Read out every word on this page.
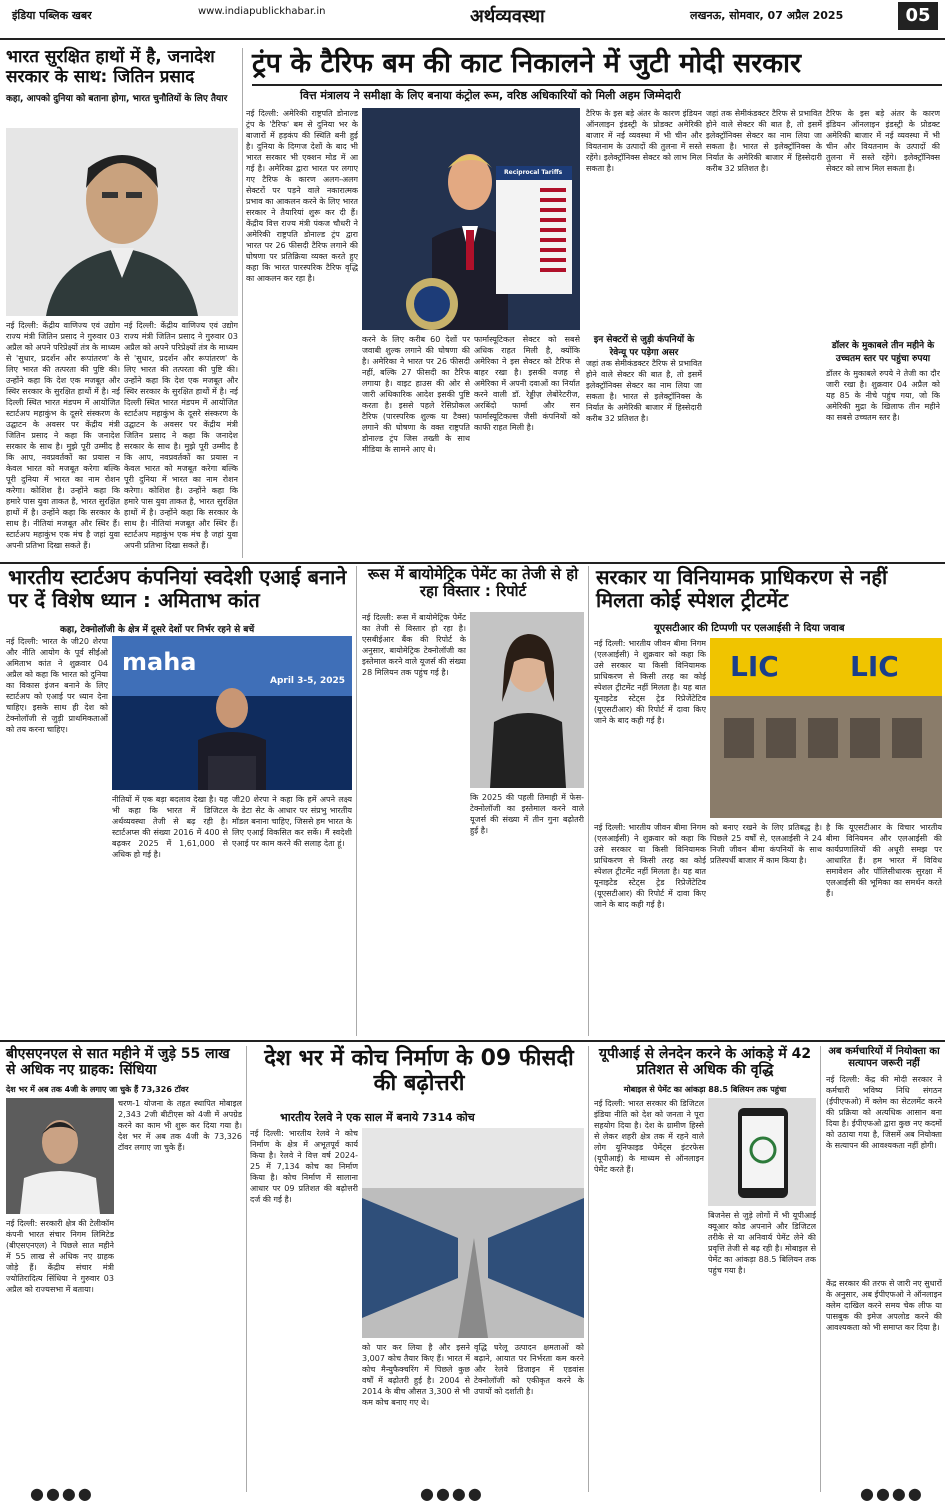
इंडिया पब्लिक खबर	www.indiapublickhabar.in	अर्थव्यवस्था	लखनऊ, सोमवार, 07 अप्रैल 2025	05
भारत सुरक्षित हाथों में है, जनादेश सरकार के साथ: जितिन प्रसाद
कहा, आपको दुनिया को बताना होगा, भारत चुनौतियों के लिए तैयार
नई दिल्ली: केंद्रीय वाणिज्य एवं उद्योग राज्य मंत्री जितिन प्रसाद ने गुरुवार 03 अप्रैल को अपने परिप्रेक्ष्यों तंत्र के माध्यम से 'सुधार, प्रदर्शन और रूपांतरण' के लिए भारत की तत्परता की पुष्टि की। उन्होंने कहा कि देश एक मजबूत और स्थिर सरकार के सुरक्षित हाथों में है। नई दिल्ली स्थित भारत मंडपम में आयोजित स्टार्टअप महाकुंभ के दूसरे संस्करण के उद्घाटन के अवसर पर केंद्रीय मंत्री जितिन प्रसाद ने कहा कि जनादेश सरकार के साथ है। मुझे पूरी उम्मीद है कि आप, नवप्रवर्तकों का प्रयास न केवल भारत को मजबूत करेगा बल्कि पूरी दुनिया में भारत का नाम रोशन करेगा। कोशिश है। उन्होंने कहा कि हमारे पास युवा ताकत है, भारत सुरक्षित हाथों में है। उन्होंने कहा कि सरकार के साथ है। नीतियां मजबूत और स्थिर हैं। स्टार्टअप महाकुंभ एक मंच है जहां युवा अपनी प्रतिभा दिखा सकते हैं।
नई दिल्ली: केंद्रीय वाणिज्य एवं उद्योग राज्य मंत्री जितिन प्रसाद ने गुरुवार 03 अप्रैल को अपने परिप्रेक्ष्यों तंत्र के माध्यम से 'सुधार, प्रदर्शन और रूपांतरण' के लिए भारत की तत्परता की पुष्टि की। उन्होंने कहा कि देश एक मजबूत और स्थिर सरकार के सुरक्षित हाथों में है। नई दिल्ली स्थित भारत मंडपम में आयोजित स्टार्टअप महाकुंभ के दूसरे संस्करण के उद्घाटन के अवसर पर केंद्रीय मंत्री जितिन प्रसाद ने कहा कि जनादेश सरकार के साथ है। मुझे पूरी उम्मीद है कि आप, नवप्रवर्तकों का प्रयास न केवल भारत को मजबूत करेगा बल्कि पूरी दुनिया में भारत का नाम रोशन करेगा। कोशिश है। उन्होंने कहा कि हमारे पास युवा ताकत है, भारत सुरक्षित हाथों में है। उन्होंने कहा कि सरकार के साथ है। नीतियां मजबूत और स्थिर हैं। स्टार्टअप महाकुंभ एक मंच है जहां युवा अपनी प्रतिभा दिखा सकते हैं।
ट्रंप के टैरिफ बम की काट निकालने में जुटी मोदी सरकार
वित्त मंत्रालय ने समीक्षा के लिए बनाया कंट्रोल रूम, वरिष्ठ अधिकारियों को मिली अहम जिम्मेदारी
नई दिल्ली: अमेरिकी राष्ट्रपति डोनाल्ड ट्रंप के 'टैरिफ' बम से दुनिया भर के बाजारों में हड़कंप की स्थिति बनी हुई है। दुनिया के दिग्गज देशों के बाद भी भारत सरकार भी एक्शन मोड में आ गई है। अमेरिका द्वारा भारत पर लगाए गए टैरिफ के कारण अलग-अलग सेक्टरों पर पड़ने वाले नकारात्मक प्रभाव का आकलन करने के लिए भारत सरकार ने तैयारियां शुरू कर दी हैं। केंद्रीय वित्त राज्य मंत्री पंकज चौधरी ने अमेरिकी राष्ट्रपति डोनाल्ड ट्रंप द्वारा भारत पर 26 फीसदी टैरिफ लगाने की घोषणा पर प्रतिक्रिया व्यक्त करते हुए कहा कि भारत पारस्परिक टैरिफ वृद्धि का आकलन कर रहा है।
Reciprocal Tariffs
करने के लिए करीब 60 देशों पर जवाबी शुल्क लगाने की घोषणा की है। अमेरिका ने भारत पर 26 फीसदी नहीं, बल्कि 27 फीसदी का टैरिफ लगाया है। वाइट हाउस की ओर से जारी अधिकारिक आदेश इसकी पुष्टि करता है। इससे पहले रेसिप्रोकल टैरिफ (पारस्परिक शुल्क या टैक्स) लगाने की घोषणा के वक्त राष्ट्रपति डोनाल्ड ट्रंप जिस तख्ती के साथ मीडिया के सामने आए थे।
फार्मास्यूटिकल सेक्टर को सबसे अधिक राहत मिली है, क्योंकि अमेरिका ने इस सेक्टर को टैरिफ से बाहर रखा है। इसकी वजह से अमेरिका में अपनी दवाओं का निर्यात करने वाली डॉ. रेड्डीज़ लेबोरेटरीज, अरबिंदो फार्मा और सन फार्मास्यूटिकल्स जैसी कंपनियों को काफी राहत मिली है।
टैरिफ के इस बड़े अंतर के कारण इंडियन ऑनलाइन इंडस्ट्री के प्रोडक्ट अमेरिकी बाजार में नई व्यवस्था में भी चीन और वियतनाम के उत्पादों की तुलना में सस्ते रहेंगे। इलेक्ट्रॉनिक्स सेक्टर को लाभ मिल सकता है।
इन सेक्टरों से जुड़ी कंपनियों के रेवेन्यू पर पड़ेगा असर
जहां तक सेमीकंडक्टर टैरिफ से प्रभावित होने वाले सेक्टर की बात है, तो इसमें इलेक्ट्रॉनिक्स सेक्टर का नाम लिया जा सकता है। भारत से इलेक्ट्रॉनिक्स के निर्यात के अमेरिकी बाजार में हिस्सेदारी करीब 32 प्रतिशत है।
जहां तक सेमीकंडक्टर टैरिफ से प्रभावित होने वाले सेक्टर की बात है, तो इसमें इलेक्ट्रॉनिक्स सेक्टर का नाम लिया जा सकता है। भारत से इलेक्ट्रॉनिक्स के निर्यात के अमेरिकी बाजार में हिस्सेदारी करीब 32 प्रतिशत है।
टैरिफ के इस बड़े अंतर के कारण इंडियन ऑनलाइन इंडस्ट्री के प्रोडक्ट अमेरिकी बाजार में नई व्यवस्था में भी चीन और वियतनाम के उत्पादों की तुलना में सस्ते रहेंगे। इलेक्ट्रॉनिक्स सेक्टर को लाभ मिल सकता है।
डॉलर के मुकाबले तीन महीने के उच्चतम स्तर पर पहुंचा रुपया
डॉलर के मुकाबले रुपये ने तेजी का दौर जारी रखा है। शुक्रवार 04 अप्रैल को यह 85 के नीचे पहुंच गया, जो कि अमेरिकी मुद्रा के खिलाफ तीन महीने का सबसे उच्चतम स्तर है।
भारतीय स्टार्टअप कंपनियां स्वदेशी एआई बनाने पर दें विशेष ध्यान : अमिताभ कांत
कहा, टेक्नोलॉजी के क्षेत्र में दूसरे देशों पर निर्भर रहने से बचें
नई दिल्ली: भारत के जी20 शेरपा और नीति आयोग के पूर्व सीईओ अमिताभ कांत ने शुक्रवार 04 अप्रैल को कहा कि भारत को दुनिया का विकास इंजन बनाने के लिए स्टार्टअप को एआई पर ध्यान देना चाहिए। इसके साथ ही देश को टेक्नोलॉजी से जुड़ी प्राथमिकताओं को तय करना चाहिए।
maha
April 3-5, 2025
नीतियों में एक बड़ा बदलाव देखा है। यह भी कहा कि भारत में डिजिटल अर्थव्यवस्था तेजी से बढ़ रही है। स्टार्टअप्स की संख्या 2016 में 400 से बढ़कर 2025 में 1,61,000 से अधिक हो गई है।
जी20 शेरपा ने कहा कि हमें अपने लक्ष्य के डेटा सेट के आधार पर संप्रभु भारतीय मॉडल बनाना चाहिए, जिससे हम भारत के लिए एआई विकसित कर सकें। मैं स्वदेशी एआई पर काम करने की सलाह देता हूं।
रूस में बायोमेट्रिक पेमेंट का तेजी से हो रहा विस्तार : रिपोर्ट
नई दिल्ली: रूस में बायोमेट्रिक पेमेंट का तेजी से विस्तार हो रहा है। एसबीईआर बैंक की रिपोर्ट के अनुसार, बायोमेट्रिक टेक्नोलॉजी का इस्तेमाल करने वाले यूजर्स की संख्या 28 मिलियन तक पहुंच गई है।
कि 2025 की पहली तिमाही में फेस-टेक्नोलॉजी का इस्तेमाल करने वाले यूजर्स की संख्या में तीन गुना बढ़ोतरी हुई है।
सरकार या विनियामक प्राधिकरण से नहीं मिलता कोई स्पेशल ट्रीटमेंट
यूएसटीआर की टिप्पणी पर एलआईसी ने दिया जवाब
नई दिल्ली: भारतीय जीवन बीमा निगम (एलआईसी) ने शुक्रवार को कहा कि उसे सरकार या किसी विनियामक प्राधिकरण से किसी तरह का कोई स्पेशल ट्रीटमेंट नहीं मिलता है। यह बात यूनाइटेड स्टेट्स ट्रेड रिप्रेजेंटेटिव (यूएसटीआर) की रिपोर्ट में दावा किए जाने के बाद कही गई है।
LIC	LIC
नई दिल्ली: भारतीय जीवन बीमा निगम (एलआईसी) ने शुक्रवार को कहा कि उसे सरकार या किसी विनियामक प्राधिकरण से किसी तरह का कोई स्पेशल ट्रीटमेंट नहीं मिलता है। यह बात यूनाइटेड स्टेट्स ट्रेड रिप्रेजेंटेटिव (यूएसटीआर) की रिपोर्ट में दावा किए जाने के बाद कही गई है।
को बनाए रखने के लिए प्रतिबद्ध है। पिछले 25 वर्षों से, एलआईसी ने 24 निजी जीवन बीमा कंपनियों के साथ प्रतिस्पर्धी बाजार में काम किया है।
है कि यूएसटीआर के विचार भारतीय बीमा विनियमन और एलआईसी की कार्यप्रणालियों की अधूरी समझ पर आधारित हैं। हम भारत में विविध समावेशन और पॉलिसीधारक सुरक्षा में एलआईसी की भूमिका का समर्थन करते हैं।
बीएसएनएल से सात महीने में जुड़े 55 लाख से अधिक नए ग्राहक: सिंधिया
देश भर में अब तक 4जी के लगाए जा चुके हैं 73,326 टॉवर
नई दिल्ली: सरकारी क्षेत्र की टेलीकॉम कंपनी भारत संचार निगम लिमिटेड (बीएसएनएल) ने पिछले सात महीने में 55 लाख से अधिक नए ग्राहक जोड़े हैं। केंद्रीय संचार मंत्री ज्योतिरादित्य सिंधिया ने गुरुवार 03 अप्रैल को राज्यसभा में बताया।
चरण-1 योजना के तहत स्थापित मोबाइल 2,343 2जी बीटीएस को 4जी में अपग्रेड करने का काम भी शुरू कर दिया गया है। देश भर में अब तक 4जी के 73,326 टॉवर लगाए जा चुके हैं।
देश भर में कोच निर्माण के 09 फीसदी की बढ़ोत्तरी
भारतीय रेलवे ने एक साल में बनाये 7314 कोच
नई दिल्ली: भारतीय रेलवे ने कोच निर्माण के क्षेत्र में अभूतपूर्व कार्य किया है। रेलवे ने वित्त वर्ष 2024-25 में 7,134 कोच का निर्माण किया है। कोच निर्माण में सालाना आधार पर 09 प्रतिशत की बढ़ोत्तरी दर्ज की गई है।
को पार कर लिया है और इसने 3,007 कोच तैयार किए हैं। भारत में कोच मैन्युफैक्चरिंग में पिछले कुछ वर्षों में बढ़ोतरी हुई है। 2004 से 2014 के बीच औसत 3,300 से भी कम कोच बनाए गए थे।
वृद्धि घरेलू उत्पादन क्षमताओं को बढ़ाने, आयात पर निर्भरता कम करने और रेलवे डिजाइन में एडवांस टेक्नोलॉजी को एकीकृत करने के उपायों को दर्शाती है।
यूपीआई से लेनदेन करने के आंकड़े में 42 प्रतिशत से अधिक की वृद्धि
मोबाइल से पेमेंट का आंकड़ा 88.5 बिलियन तक पहुंचा
नई दिल्ली: भारत सरकार की डिजिटल इंडिया नीति को देश को जनता ने पूरा सहयोग दिया है। देश के ग्रामीण हिस्से से लेकर शहरी क्षेत्र तक में रहने वाले लोग यूनिफाइड पेमेंट्स इंटरफेस (यूपीआई) के माध्यम से ऑनलाइन पेमेंट करते हैं।
बिजनेस से जुड़े लोगों में भी यूपीआई क्यूआर कोड अपनाने और डिजिटल तरीके से या अनिवार्य पेमेंट लेने की प्रवृत्ति तेजी से बढ़ रही है। मोबाइल से पेमेंट का आंकड़ा 88.5 बिलियन तक पहुंच गया है।
अब कर्मचारियों में नियोक्ता का सत्यापन जरूरी नहीं
नई दिल्ली: केंद्र की मोदी सरकार ने कर्मचारी भविष्य निधि संगठन (ईपीएफओ) में क्लेम का सेटलमेंट करने की प्रक्रिया को अत्यधिक आसान बना दिया है। ईपीएफओ द्वारा कुछ नए कदमों को उठाया गया है, जिसमें अब नियोक्ता के सत्यापन की आवश्यकता नहीं होगी।
केंद्र सरकार की तरफ से जारी नए सुधारों के अनुसार, अब ईपीएफओ ने ऑनलाइन क्लेम दाखिल करने समय चेक लीफ या पासबुक की इमेज अपलोड करने की आवश्यकता को भी समाप्त कर दिया है।
●●●●	●●●●	●●●●
